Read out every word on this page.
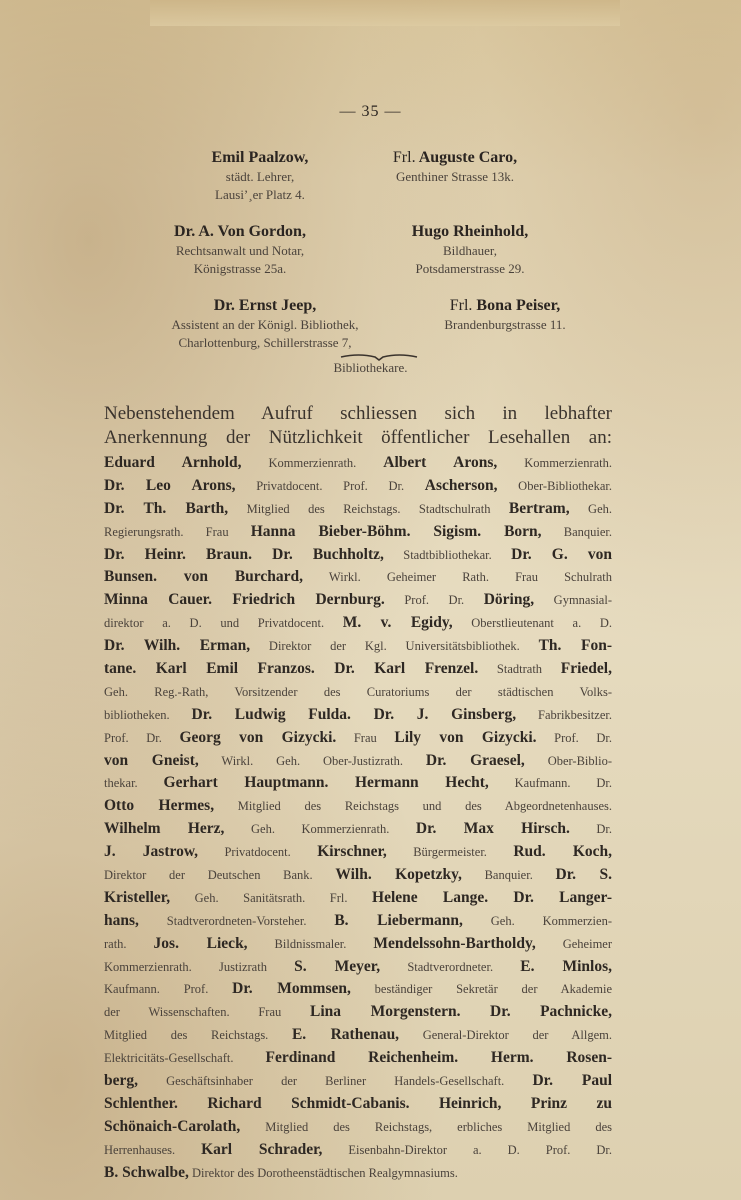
— 35 —
Emil Paalzow,
städt. Lehrer,
Lausi’¸er Platz 4.
Frl. Auguste Caro,
Genthiner Strasse 13k.
Dr. A. Von Gordon,
Rechtsanwalt und Notar,
Königstrasse 25a.
Hugo Rheinhold,
Bildhauer,
Potsdamerstrasse 29.
Dr. Ernst Jeep,
Assistent an der Königl. Bibliothek,
Charlottenburg, Schillerstrasse 7,
Frl. Bona Peiser,
Brandenburgstrasse 11.
Bibliothekare.
Nebenstehendem Aufruf schliessen sich in lebhafter
Anerkennung der Nützlichkeit öffentlicher Lesehallen an:
Eduard Arnhold, Kommerzienrath. Albert Arons, Kommerzienrath.
Dr. Leo Arons, Privatdocent. Prof. Dr. Ascherson, Ober-Bibliothekar.
Dr. Th. Barth, Mitglied des Reichstags. Stadtschulrath Bertram, Geh.
Regierungsrath. Frau Hanna Bieber-Böhm. Sigism. Born, Banquier.
Dr. Heinr. Braun. Dr. Buchholtz, Stadtbibliothekar. Dr. G. von
Bunsen. von Burchard, Wirkl. Geheimer Rath. Frau Schulrath
Minna Cauer. Friedrich Dernburg. Prof. Dr. Döring, Gymnasial-
direktor a. D. und Privatdocent. M. v. Egidy, Oberstlieutenant a. D.
Dr. Wilh. Erman, Direktor der Kgl. Universitätsbibliothek. Th. Fon-
tane. Karl Emil Franzos. Dr. Karl Frenzel. Stadtrath Friedel,
Geh. Reg.-Rath, Vorsitzender des Curatoriums der städtischen Volks-
bibliotheken. Dr. Ludwig Fulda. Dr. J. Ginsberg, Fabrikbesitzer.
Prof. Dr. Georg von Gizycki. Frau Lily von Gizycki. Prof. Dr.
von Gneist, Wirkl. Geh. Ober-Justizrath. Dr. Graesel, Ober-Biblio-
thekar. Gerhart Hauptmann. Hermann Hecht, Kaufmann. Dr.
Otto Hermes, Mitglied des Reichstags und des Abgeordnetenhauses.
Wilhelm Herz, Geh. Kommerzienrath. Dr. Max Hirsch. Dr.
J. Jastrow, Privatdocent. Kirschner, Bürgermeister. Rud. Koch,
Direktor der Deutschen Bank. Wilh. Kopetzky, Banquier. Dr. S.
Kristeller, Geh. Sanitätsrath. Frl. Helene Lange. Dr. Langer-
hans, Stadtverordneten-Vorsteher. B. Liebermann, Geh. Kommerzien-
rath. Jos. Lieck, Bildnissmaler. Mendelssohn-Bartholdy, Geheimer
Kommerzienrath. Justizrath S. Meyer, Stadtverordneter. E. Minlos,
Kaufmann. Prof. Dr. Mommsen, beständiger Sekretär der Akademie
der Wissenschaften. Frau Lina Morgenstern. Dr. Pachnicke,
Mitglied des Reichstags. E. Rathenau, General-Direktor der Allgem.
Elektricitäts-Gesellschaft. Ferdinand Reichenheim. Herm. Rosen-
berg, Geschäftsinhaber der Berliner Handels-Gesellschaft. Dr. Paul
Schlenther. Richard Schmidt-Cabanis. Heinrich, Prinz zu
Schönaich-Carolath, Mitglied des Reichstags, erbliches Mitglied des
Herrenhauses. Karl Schrader, Eisenbahn-Direktor a. D. Prof. Dr.
B. Schwalbe, Direktor des Dorotheenstädtischen Realgymnasiums.
